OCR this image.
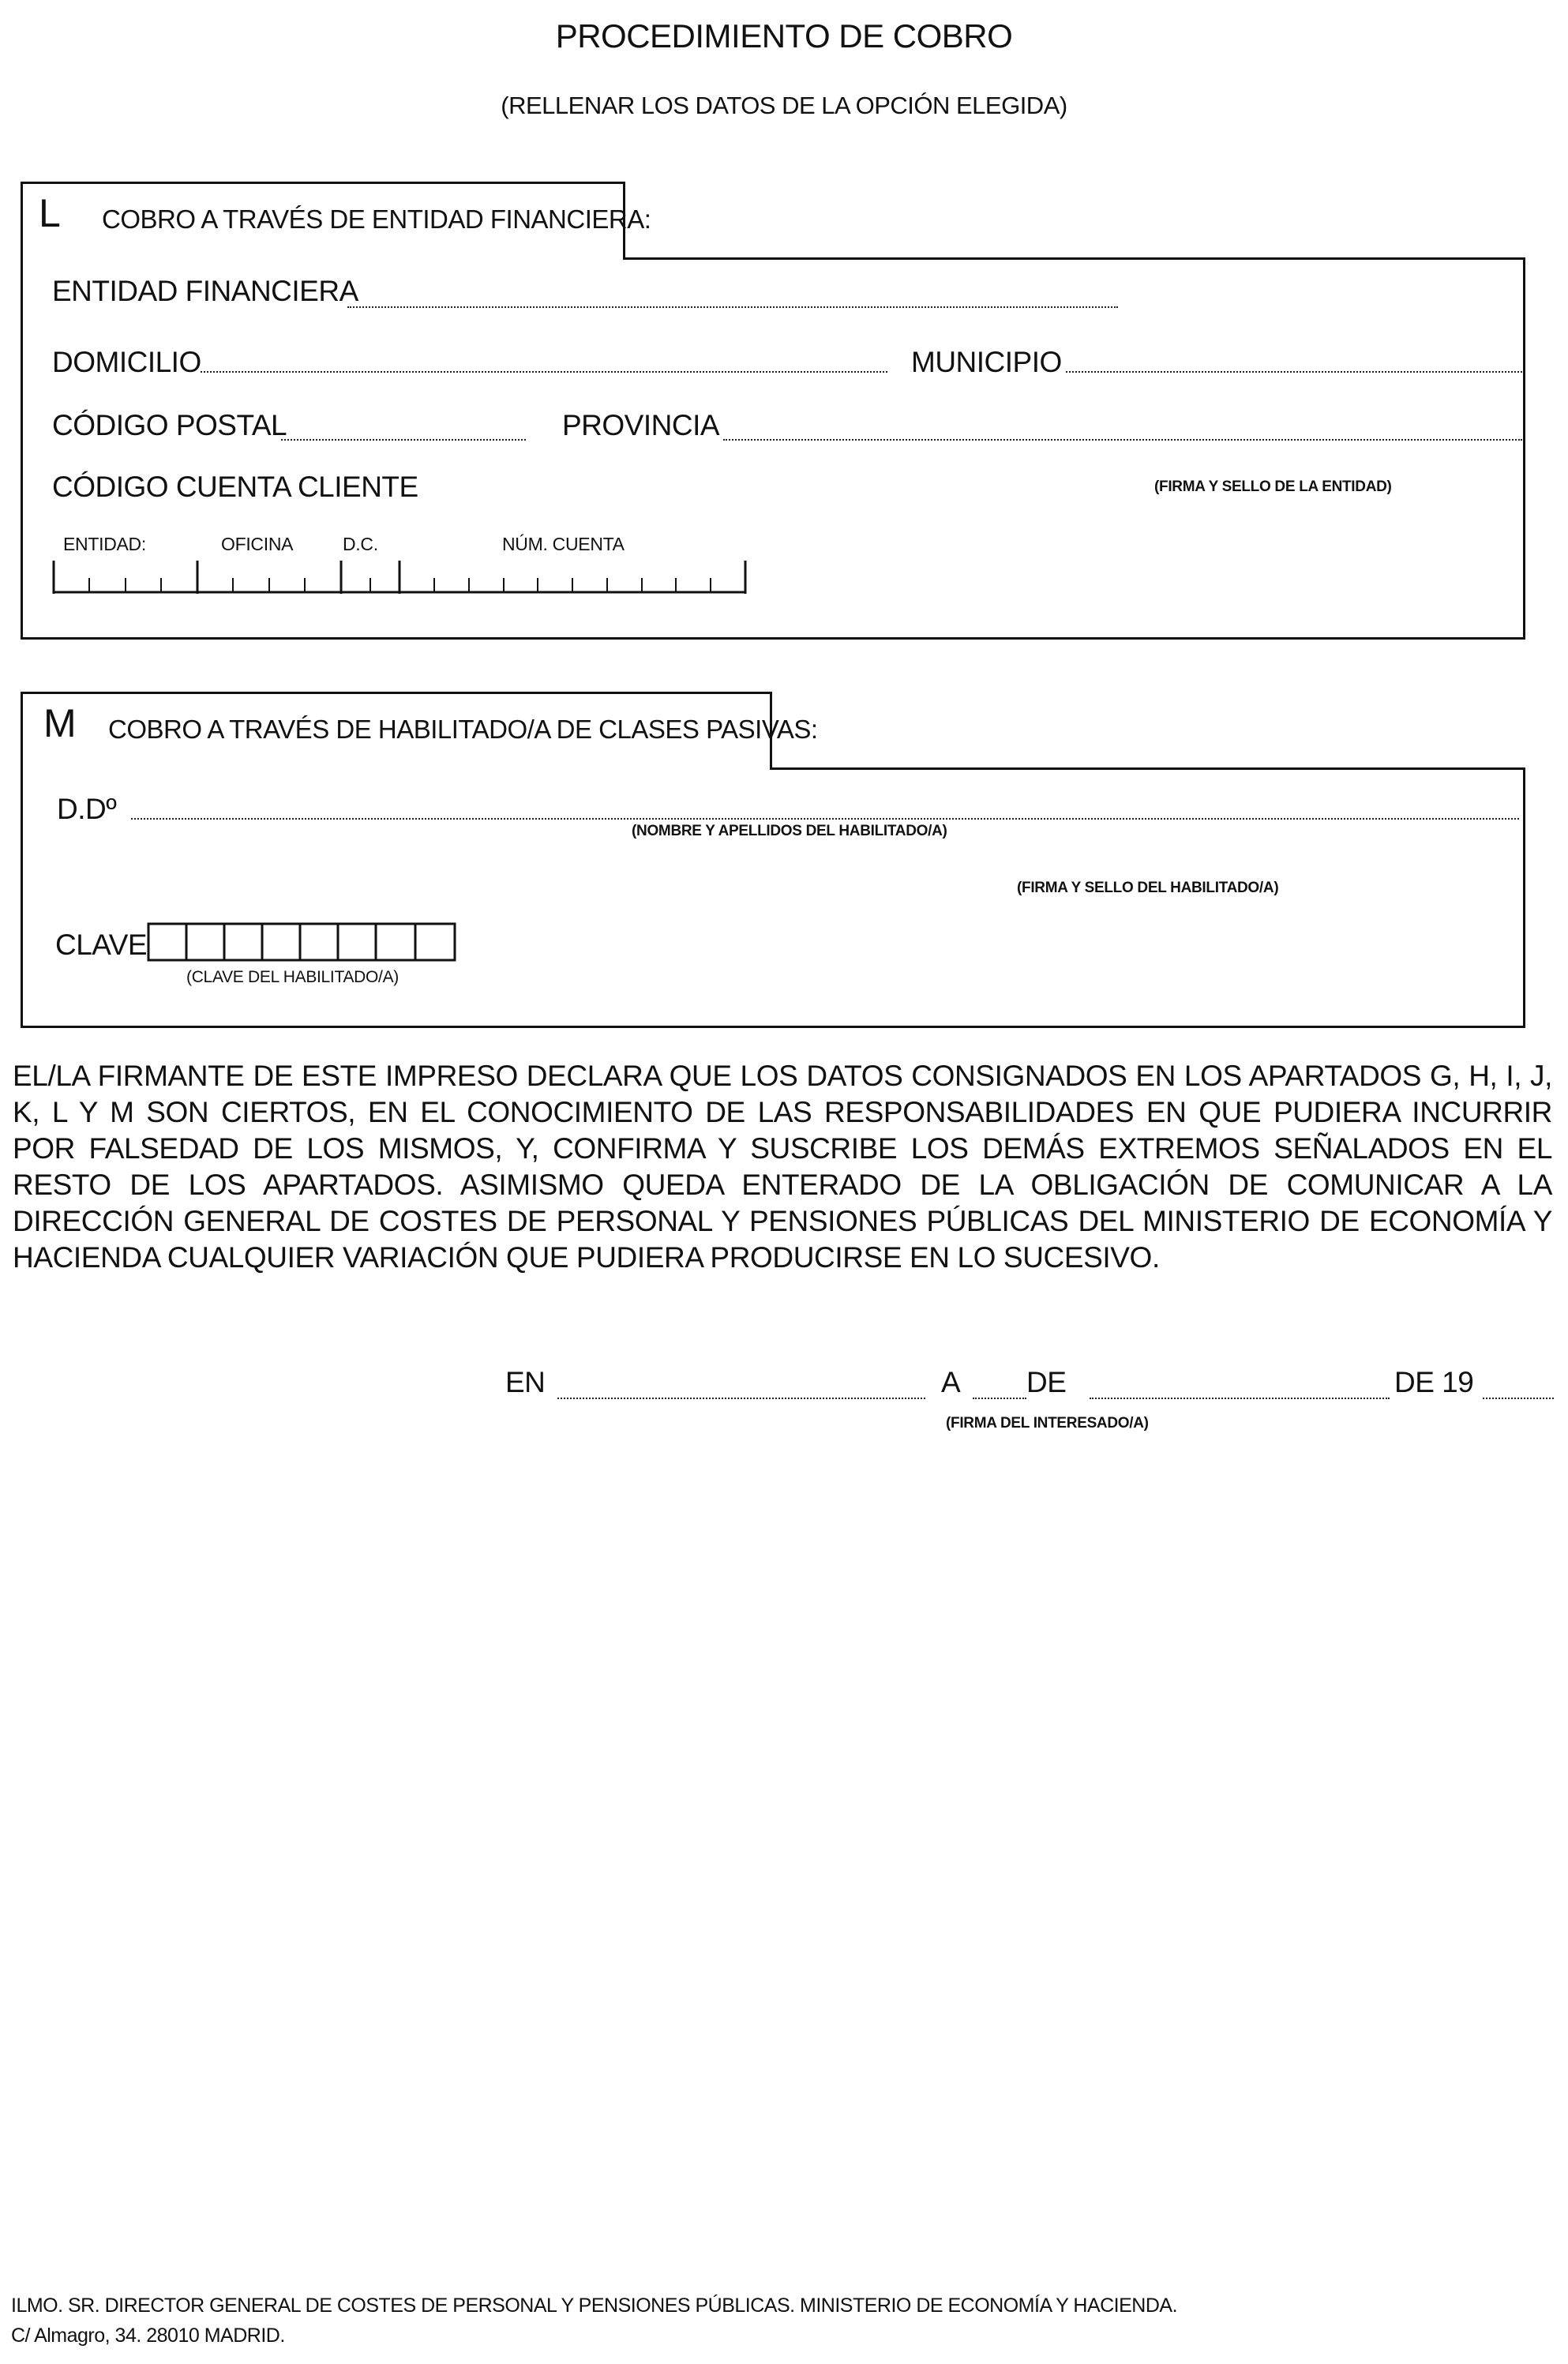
PROCEDIMIENTO DE COBRO
(RELLENAR LOS DATOS DE LA OPCIÓN ELEGIDA)
L COBRO A TRAVÉS DE ENTIDAD FINANCIERA:
ENTIDAD FINANCIERA
DOMICILIO	MUNICIPIO
CÓDIGO POSTAL	PROVINCIA
CÓDIGO CUENTA CLIENTE	(FIRMA Y SELLO DE LA ENTIDAD)
ENTIDAD:	OFICINA	D.C.	NÚM. CUENTA
M COBRO A TRAVÉS DE HABILITADO/A DE CLASES PASIVAS:
D.Dº
(NOMBRE Y APELLIDOS DEL HABILITADO/A)
(FIRMA Y SELLO DEL HABILITADO/A)
CLAVE
(CLAVE DEL HABILITADO/A)
EL/LA FIRMANTE DE ESTE IMPRESO DECLARA QUE LOS DATOS CONSIGNADOS EN LOS APARTADOS G, H, I, J, K, L Y M SON CIERTOS, EN EL CONOCIMIENTO DE LAS RESPONSABILIDADES EN QUE PUDIERA INCURRIR POR FALSEDAD DE LOS MISMOS, Y, CONFIRMA Y SUSCRIBE LOS DEMÁS EXTREMOS SEÑALADOS EN EL RESTO DE LOS APARTADOS. ASIMISMO QUEDA ENTERADO DE LA OBLIGACIÓN DE COMUNICAR A LA DIRECCIÓN GENERAL DE COSTES DE PERSONAL Y PENSIONES PÚBLICAS DEL MINISTERIO DE ECONOMÍA Y HACIENDA CUALQUIER VARIACIÓN QUE PUDIERA PRODUCIRSE EN LO SUCESIVO.
EN	A DE	DE 19
(FIRMA DEL INTERESADO/A)
ILMO. SR. DIRECTOR GENERAL DE COSTES DE PERSONAL Y PENSIONES PÚBLICAS. MINISTERIO DE ECONOMÍA Y HACIENDA.
C/ Almagro, 34. 28010 MADRID.
